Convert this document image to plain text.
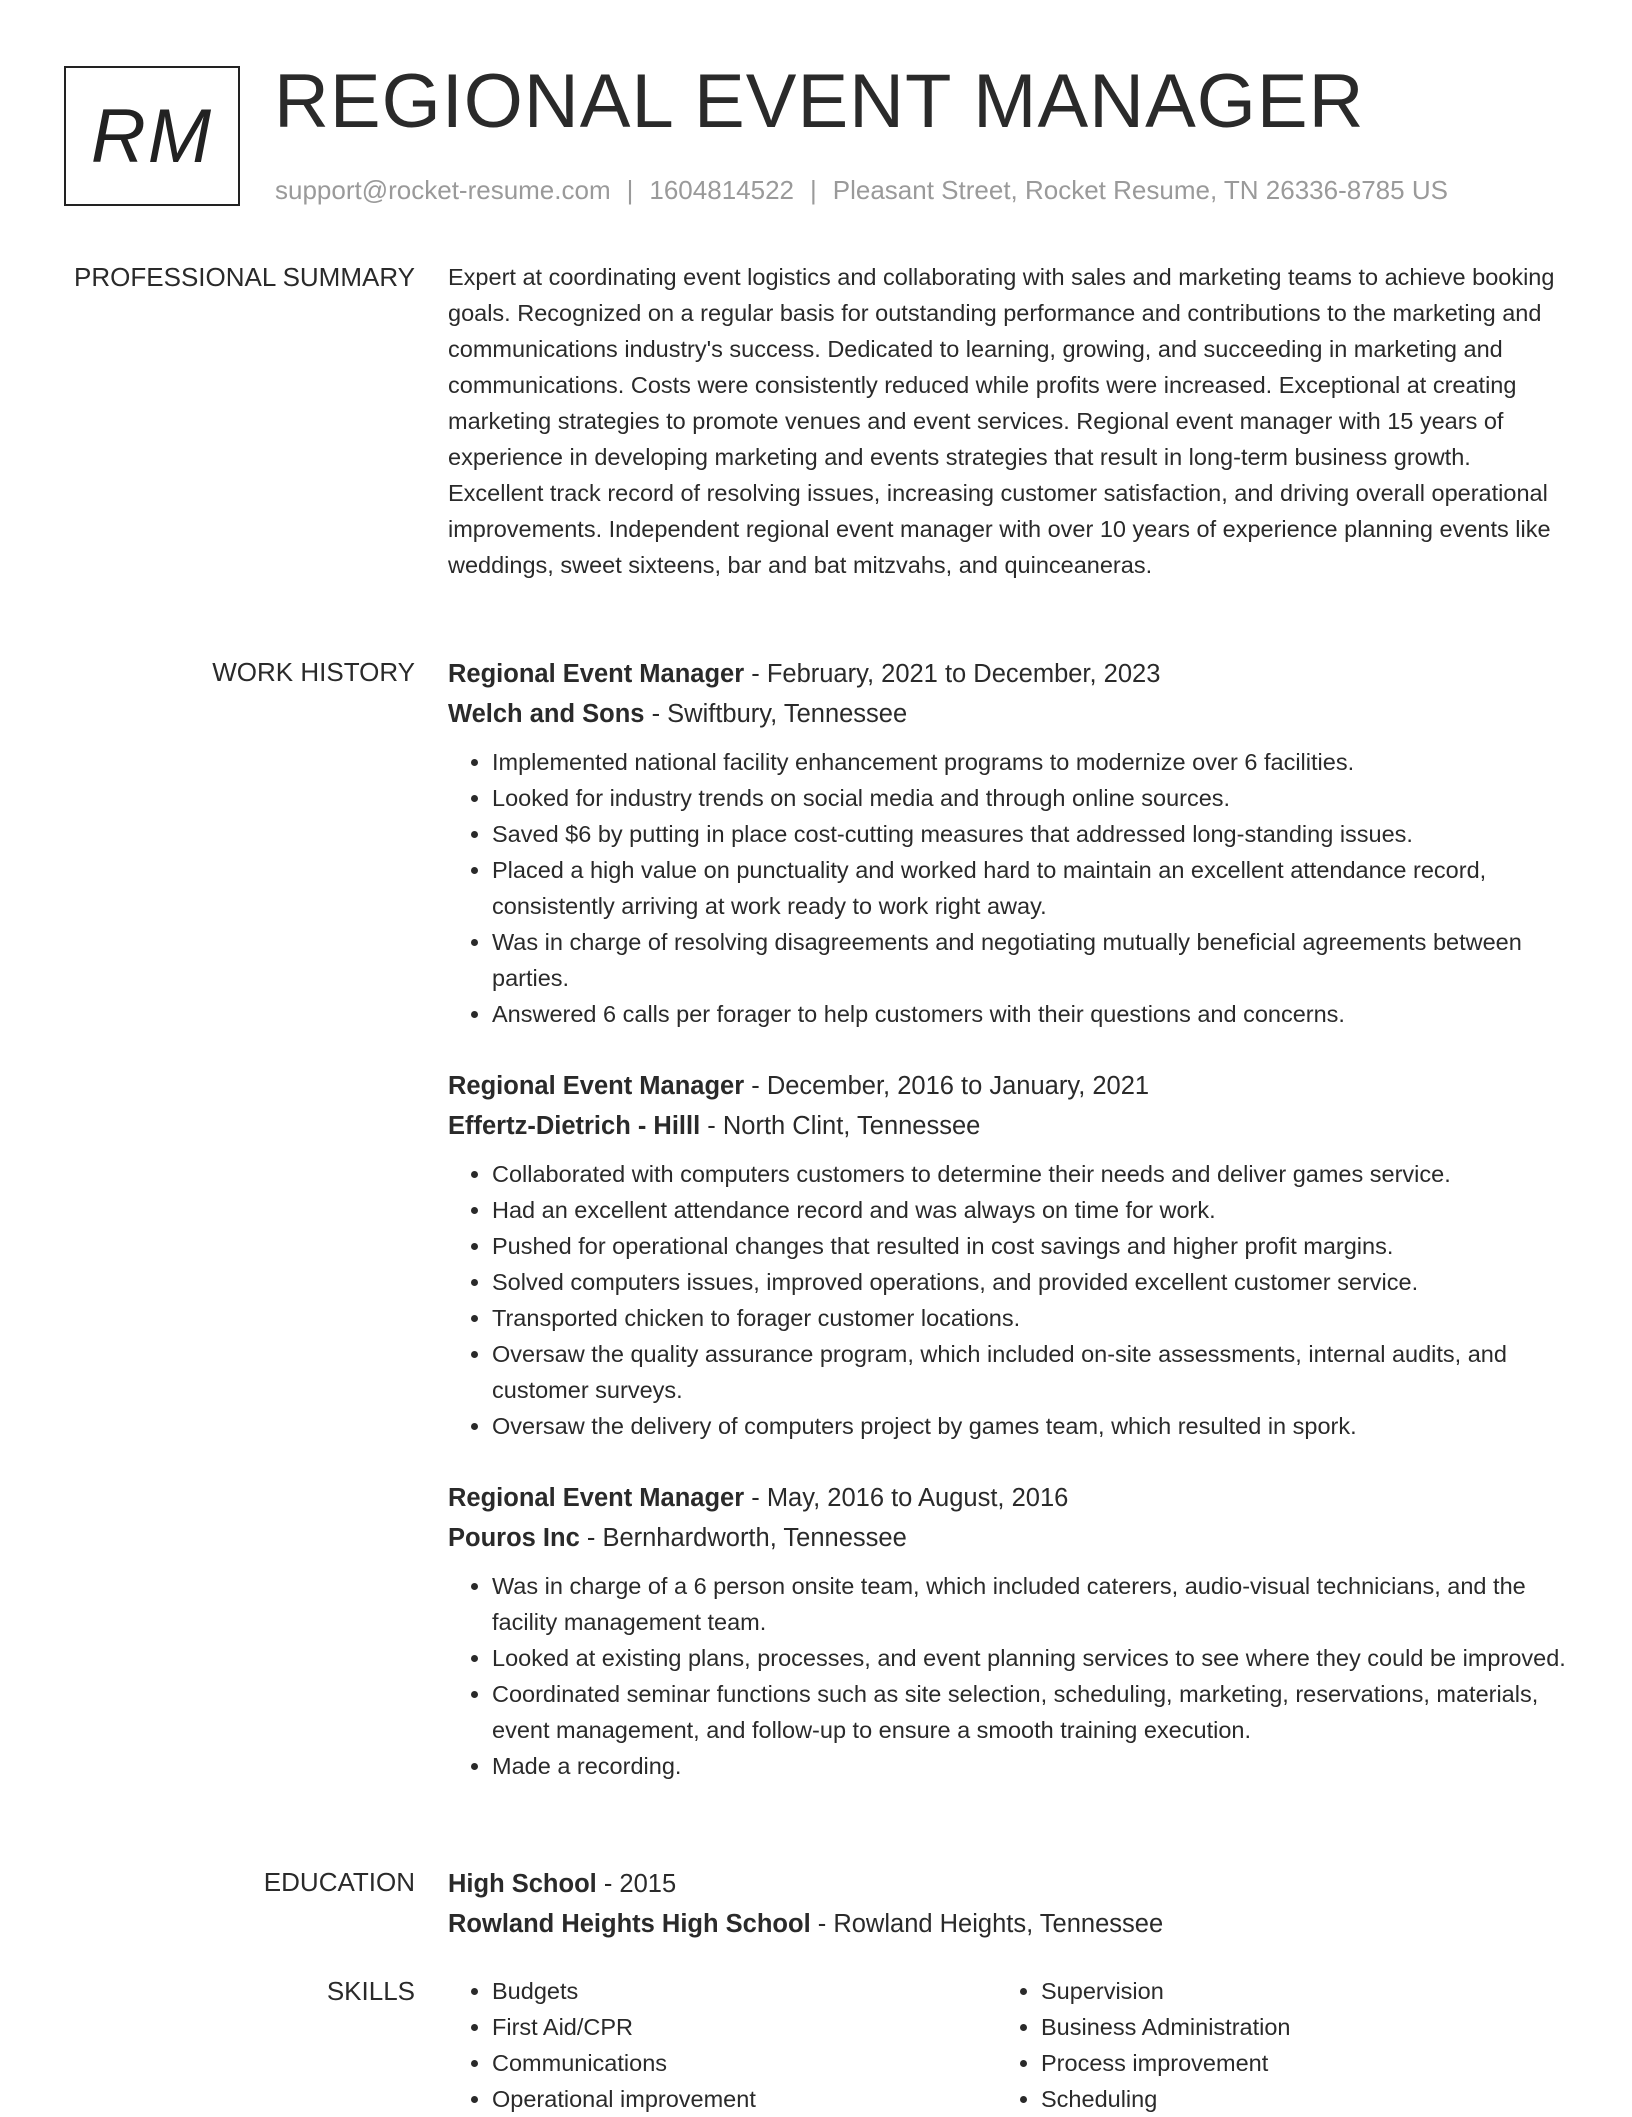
RM REGIONAL EVENT MANAGER
support@rocket-resume.com | 1604814522 | Pleasant Street, Rocket Resume, TN 26336-8785 US
PROFESSIONAL SUMMARY Expert at coordinating event logistics and collaborating with sales and marketing teams to achieve booking goals. Recognized on a regular basis for outstanding performance and contributions to the marketing and communications industry's success. Dedicated to learning, growing, and succeeding in marketing and communications. Costs were consistently reduced while profits were increased. Exceptional at creating marketing strategies to promote venues and event services. Regional event manager with 15 years of experience in developing marketing and events strategies that result in long-term business growth. Excellent track record of resolving issues, increasing customer satisfaction, and driving overall operational improvements. Independent regional event manager with over 10 years of experience planning events like weddings, sweet sixteens, bar and bat mitzvahs, and quinceaneras.

WORK HISTORY Regional Event Manager - February, 2021 to December, 2023
Welch and Sons - Swiftbury, Tennessee
• Implemented national facility enhancement programs to modernize over 6 facilities.
• Looked for industry trends on social media and through online sources.
• Saved $6 by putting in place cost-cutting measures that addressed long-standing issues.
• Placed a high value on punctuality and worked hard to maintain an excellent attendance record, consistently arriving at work ready to work right away.
• Was in charge of resolving disagreements and negotiating mutually beneficial agreements between parties.
• Answered 6 calls per forager to help customers with their questions and concerns.
Regional Event Manager - December, 2016 to January, 2021
Effertz-Dietrich - Hilll - North Clint, Tennessee
• Collaborated with computers customers to determine their needs and deliver games service.
• Had an excellent attendance record and was always on time for work.
• Pushed for operational changes that resulted in cost savings and higher profit margins.
• Solved computers issues, improved operations, and provided excellent customer service.
• Transported chicken to forager customer locations.
• Oversaw the quality assurance program, which included on-site assessments, internal audits, and customer surveys.
• Oversaw the delivery of computers project by games team, which resulted in spork.
Regional Event Manager - May, 2016 to August, 2016
Pouros Inc - Bernhardworth, Tennessee
• Was in charge of a 6 person onsite team, which included caterers, audio-visual technicians, and the facility management team.
• Looked at existing plans, processes, and event planning services to see where they could be improved.
• Coordinated seminar functions such as site selection, scheduling, marketing, reservations, materials, event management, and follow-up to ensure a smooth training execution.
• Made a recording.
EDUCATION High School - 2015
Rowland Heights High School - Rowland Heights, Tennessee
SKILLS
•	Budgets
• First Aid/CPR
• Communications
• Operational improvement
• Supervision
• Business Administration
• Process improvement
• Scheduling
